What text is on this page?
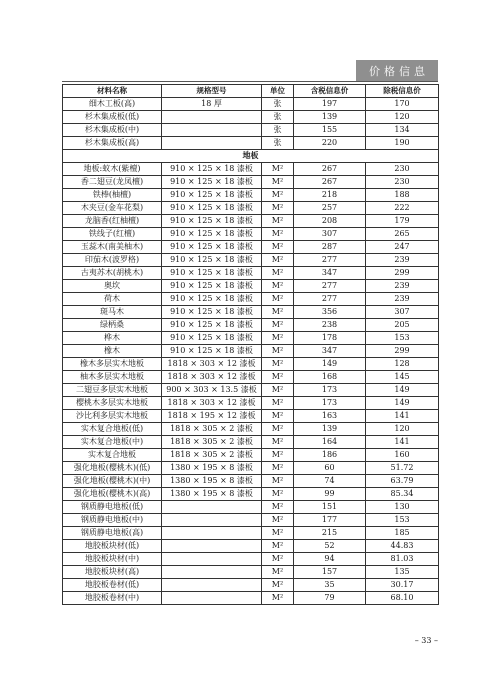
价格信息
材料名称	规格型号	单位	含税信息价	除税信息价
细木工板(高)	18 厚	张	197	170
杉木集成板(低)		张	139	120
杉木集成板(中)		张	155	134
杉木集成板(高)		张	220	190
地板				
地板:蚁木(紫檀)	910 × 125 × 18 漆板	M²	267	230
香二翅豆(龙凤檀)	910 × 125 × 18 漆板	M²	267	230
铁棒(柚檀)	910 × 125 × 18 漆板	M²	218	188
木夹豆(金车花梨)	910 × 125 × 18 漆板	M²	257	222
龙脑香(红柚檀)	910 × 125 × 18 漆板	M²	208	179
铁线子(红檀)	910 × 125 × 18 漆板	M²	307	265
玉蕊木(南美柚木)	910 × 125 × 18 漆板	M²	287	247
印茄木(波罗格)	910 × 125 × 18 漆板	M²	277	239
古夷苏木(胡桃木)	910 × 125 × 18 漆板	M²	347	299
奥坎	910 × 125 × 18 漆板	M²	277	239
荷木	910 × 125 × 18 漆板	M²	277	239
斑马木	910 × 125 × 18 漆板	M²	356	307
绿柄桑	910 × 125 × 18 漆板	M²	238	205
桦木	910 × 125 × 18 漆板	M²	178	153
橡木	910 × 125 × 18 漆板	M²	347	299
橡木多层实木地板	1818 × 303 × 12 漆板	M²	149	128
柚木多层实木地板	1818 × 303 × 12 漆板	M²	168	145
二翅豆多层实木地板	900 × 303 × 13.5 漆板	M²	173	149
樱桃木多层实木地板	1818 × 303 × 12 漆板	M²	173	149
沙比利多层实木地板	1818 × 195 × 12 漆板	M²	163	141
实木复合地板(低)	1818 × 305 × 2 漆板	M²	139	120
实木复合地板(中)	1818 × 305 × 2 漆板	M²	164	141
实木复合地板	1818 × 305 × 2 漆板	M²	186	160
强化地板(樱桃木)(低)	1380 × 195 × 8 漆板	M²	60	51.72
强化地板(樱桃木)(中)	1380 × 195 × 8 漆板	M²	74	63.79
强化地板(樱桃木)(高)	1380 × 195 × 8 漆板	M²	99	85.34
钢质静电地板(低)		M²	151	130
钢质静电地板(中)		M²	177	153
钢质静电地板(高)		M²	215	185
地胶板块材(低)		M²	52	44.83
地胶板块材(中)		M²	94	81.03
地胶板块材(高)		M²	157	135
地胶板卷材(低)		M²	35	30.17
地胶板卷材(中)		M²	79	68.10
– 33 –
